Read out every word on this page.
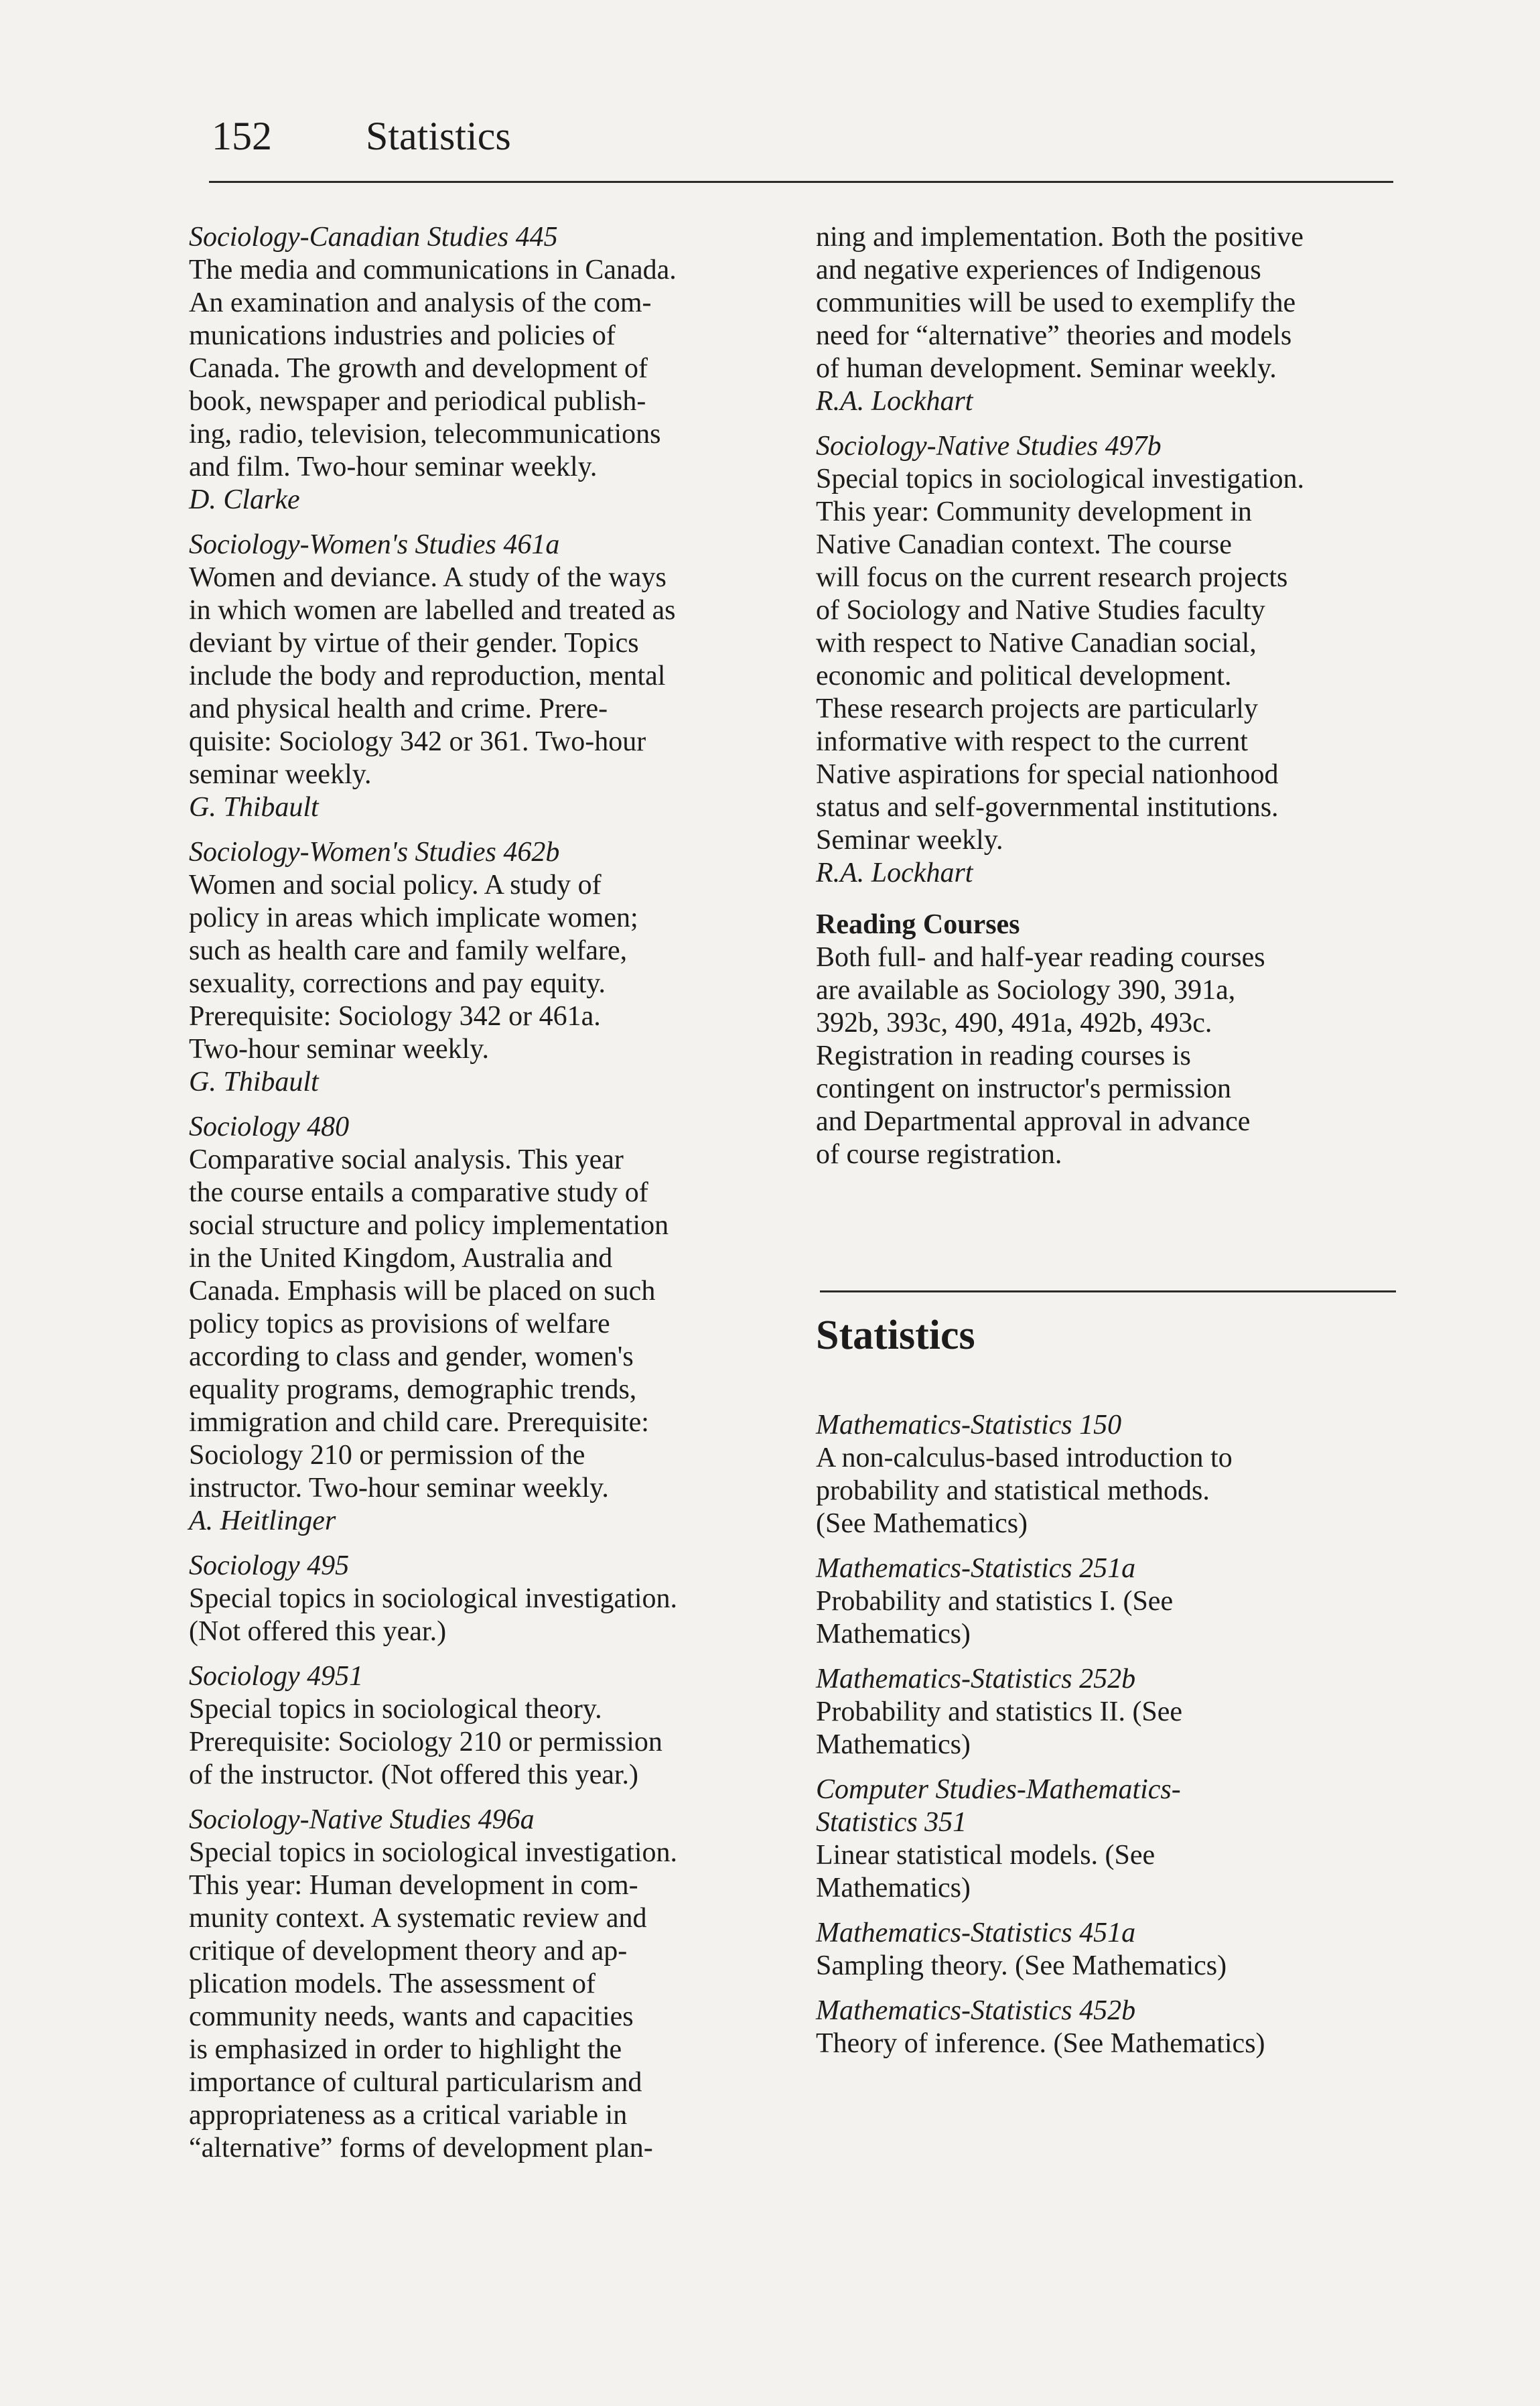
152 Statistics
Sociology-Canadian Studies 445
The media and communications in Canada.
An examination and analysis of the com-
munications industries and policies of
Canada. The growth and development of
book, newspaper and periodical publish-
ing, radio, television, telecommunications
and film. Two-hour seminar weekly.
D. Clarke
Sociology-Women's Studies 461a
Women and deviance. A study of the ways
in which women are labelled and treated as
deviant by virtue of their gender. Topics
include the body and reproduction, mental
and physical health and crime. Prere-
quisite: Sociology 342 or 361. Two-hour
seminar weekly.
G. Thibault
Sociology-Women's Studies 462b
Women and social policy. A study of
policy in areas which implicate women;
such as health care and family welfare,
sexuality, corrections and pay equity.
Prerequisite: Sociology 342 or 461a.
Two-hour seminar weekly.
G. Thibault
Sociology 480
Comparative social analysis. This year
the course entails a comparative study of
social structure and policy implementation
in the United Kingdom, Australia and
Canada. Emphasis will be placed on such
policy topics as provisions of welfare
according to class and gender, women's
equality programs, demographic trends,
immigration and child care. Prerequisite:
Sociology 210 or permission of the
instructor. Two-hour seminar weekly.
A. Heitlinger
Sociology 495
Special topics in sociological investigation.
(Not offered this year.)
Sociology 4951
Special topics in sociological theory.
Prerequisite: Sociology 210 or permission
of the instructor. (Not offered this year.)
Sociology-Native Studies 496a
Special topics in sociological investigation.
This year: Human development in com-
munity context. A systematic review and
critique of development theory and ap-
plication models. The assessment of
community needs, wants and capacities
is emphasized in order to highlight the
importance of cultural particularism and
appropriateness as a critical variable in
“alternative” forms of development plan-
ning and implementation. Both the positive
and negative experiences of Indigenous
communities will be used to exemplify the
need for “alternative” theories and models
of human development. Seminar weekly.
R.A. Lockhart
Sociology-Native Studies 497b
Special topics in sociological investigation.
This year: Community development in
Native Canadian context. The course
will focus on the current research projects
of Sociology and Native Studies faculty
with respect to Native Canadian social,
economic and political development.
These research projects are particularly
informative with respect to the current
Native aspirations for special nationhood
status and self-governmental institutions.
Seminar weekly.
R.A. Lockhart
Reading Courses
Both full- and half-year reading courses
are available as Sociology 390, 391a,
392b, 393c, 490, 491a, 492b, 493c.
Registration in reading courses is
contingent on instructor's permission
and Departmental approval in advance
of course registration.
Statistics
Mathematics-Statistics 150
A non-calculus-based introduction to
probability and statistical methods.
(See Mathematics)
Mathematics-Statistics 251a
Probability and statistics I. (See
Mathematics)
Mathematics-Statistics 252b
Probability and statistics II. (See
Mathematics)
Computer Studies-Mathematics-
Statistics 351
Linear statistical models. (See
Mathematics)
Mathematics-Statistics 451a
Sampling theory. (See Mathematics)
Mathematics-Statistics 452b
Theory of inference. (See Mathematics)
